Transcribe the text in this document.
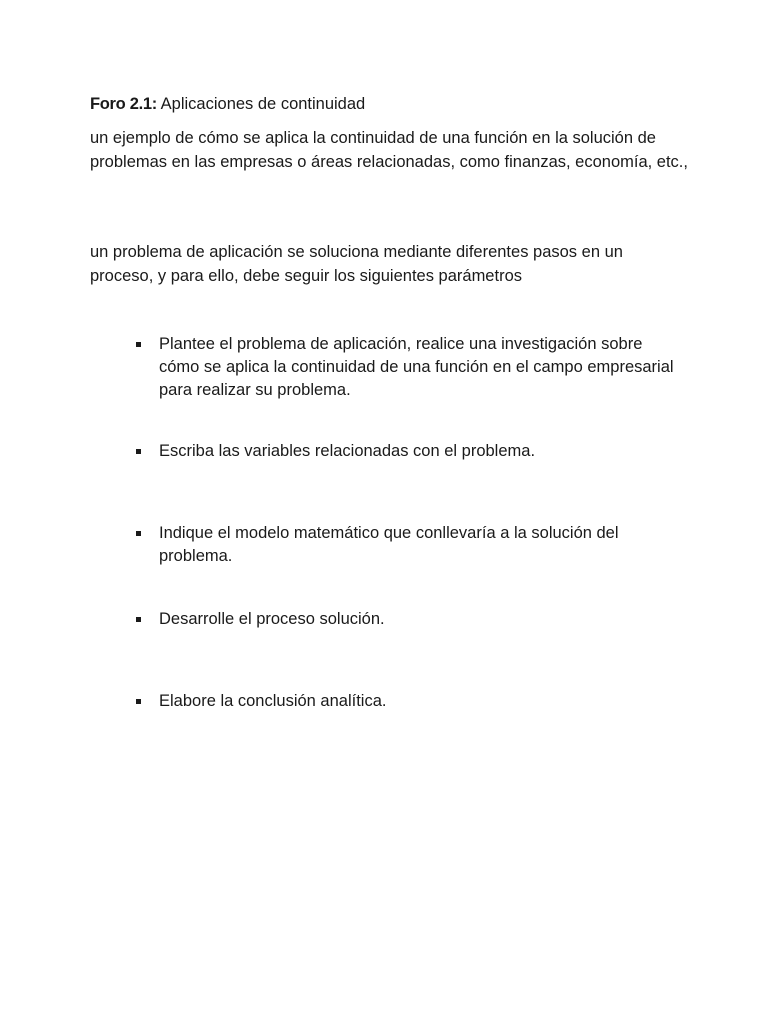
Foro 2.1: Aplicaciones de continuidad

un ejemplo de cómo se aplica la continuidad de una función en la solución de problemas en las empresas o áreas relacionadas, como finanzas, economía, etc.,

un problema de aplicación se soluciona mediante diferentes pasos en un proceso, y para ello, debe seguir los siguientes parámetros

Plantee el problema de aplicación, realice una investigación sobre cómo se aplica la continuidad de una función en el campo empresarial para realizar su problema.
Escriba las variables relacionadas con el problema.
Indique el modelo matemático que conllevaría a la solución del problema.
Desarrolle el proceso solución.
Elabore la conclusión analítica.
